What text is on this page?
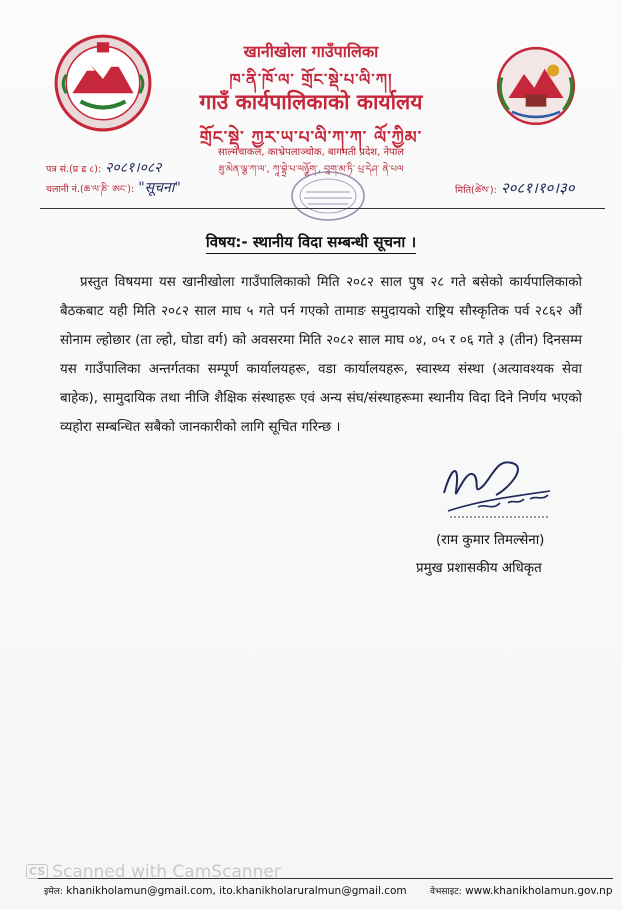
खानीखोला गाउँपालिका
ཁ་ནི་ཁོ་ལ་ གྲོང་སྡེ་པ་ལི་ཀ།
गाउँ कार्यपालिकाको कार्यालय
གྲོང་སྡེ་ ཀྱར་ཡ་པ་ལི་ཀ་ཀ་ ལོ་ཀྱིམ་
साल्मेचाकल, काभ्रेपलाञ्चोक, बागमती प्रदेश, नेपाल
ཟུ་མེན་ལྕ་ཀ་ལ་, ཀཱ་བྷྲེ་པ་ལཉྩོག་, བཱག་མ་ཏི་ པྲ་དེཤ་ ནེ་པལ
पत्र सं.(प्र द्र ८): २०८१।०८२
चलानी नं.(ཆ་ལ་ཎི་ ཨང་): "सूचना"	मिति(ཚེས་): २०८१।१०।३०
विषय:- स्थानीय विदा सम्बन्धी सूचना ।
प्रस्तुत विषयमा यस खानीखोला गाउँपालिकाको मिति २०८२ साल पुष २८ गते बसेको कार्यपालिकाको बैठकबाट यही मिति २०८२ साल माघ ५ गते पर्न गएको तामाङ समुदायको राष्ट्रिय सौस्कृतिक पर्व २८६२ औं सोनाम ल्होछार (ता ल्हो, घोडा वर्ग) को अवसरमा मिति २०८२ साल माघ ०४, ०५ र ०६ गते ३ (तीन) दिनसम्म यस गाउँपालिका अन्तर्गतका सम्पूर्ण कार्यालयहरू, वडा कार्यालयहरू, स्वास्थ्य संस्था (अत्यावश्यक सेवा बाहेक), सामुदायिक तथा नीजि शैक्षिक संस्थाहरू एवं अन्य संघ/संस्थाहरूमा स्थानीय विदा दिने निर्णय भएको व्यहोरा सम्बन्धित सबैको जानकारीको लागि सूचित गरिन्छ ।
(राम कुमार तिमल्सेना)
प्रमुख प्रशासकीय अधिकृत
CS Scanned with CamScanner
इमेल: khanikholamun@gmail.com, ito.khanikholaruralmun@gmail.com	वेभसाइट: www.khanikholamun.gov.np
